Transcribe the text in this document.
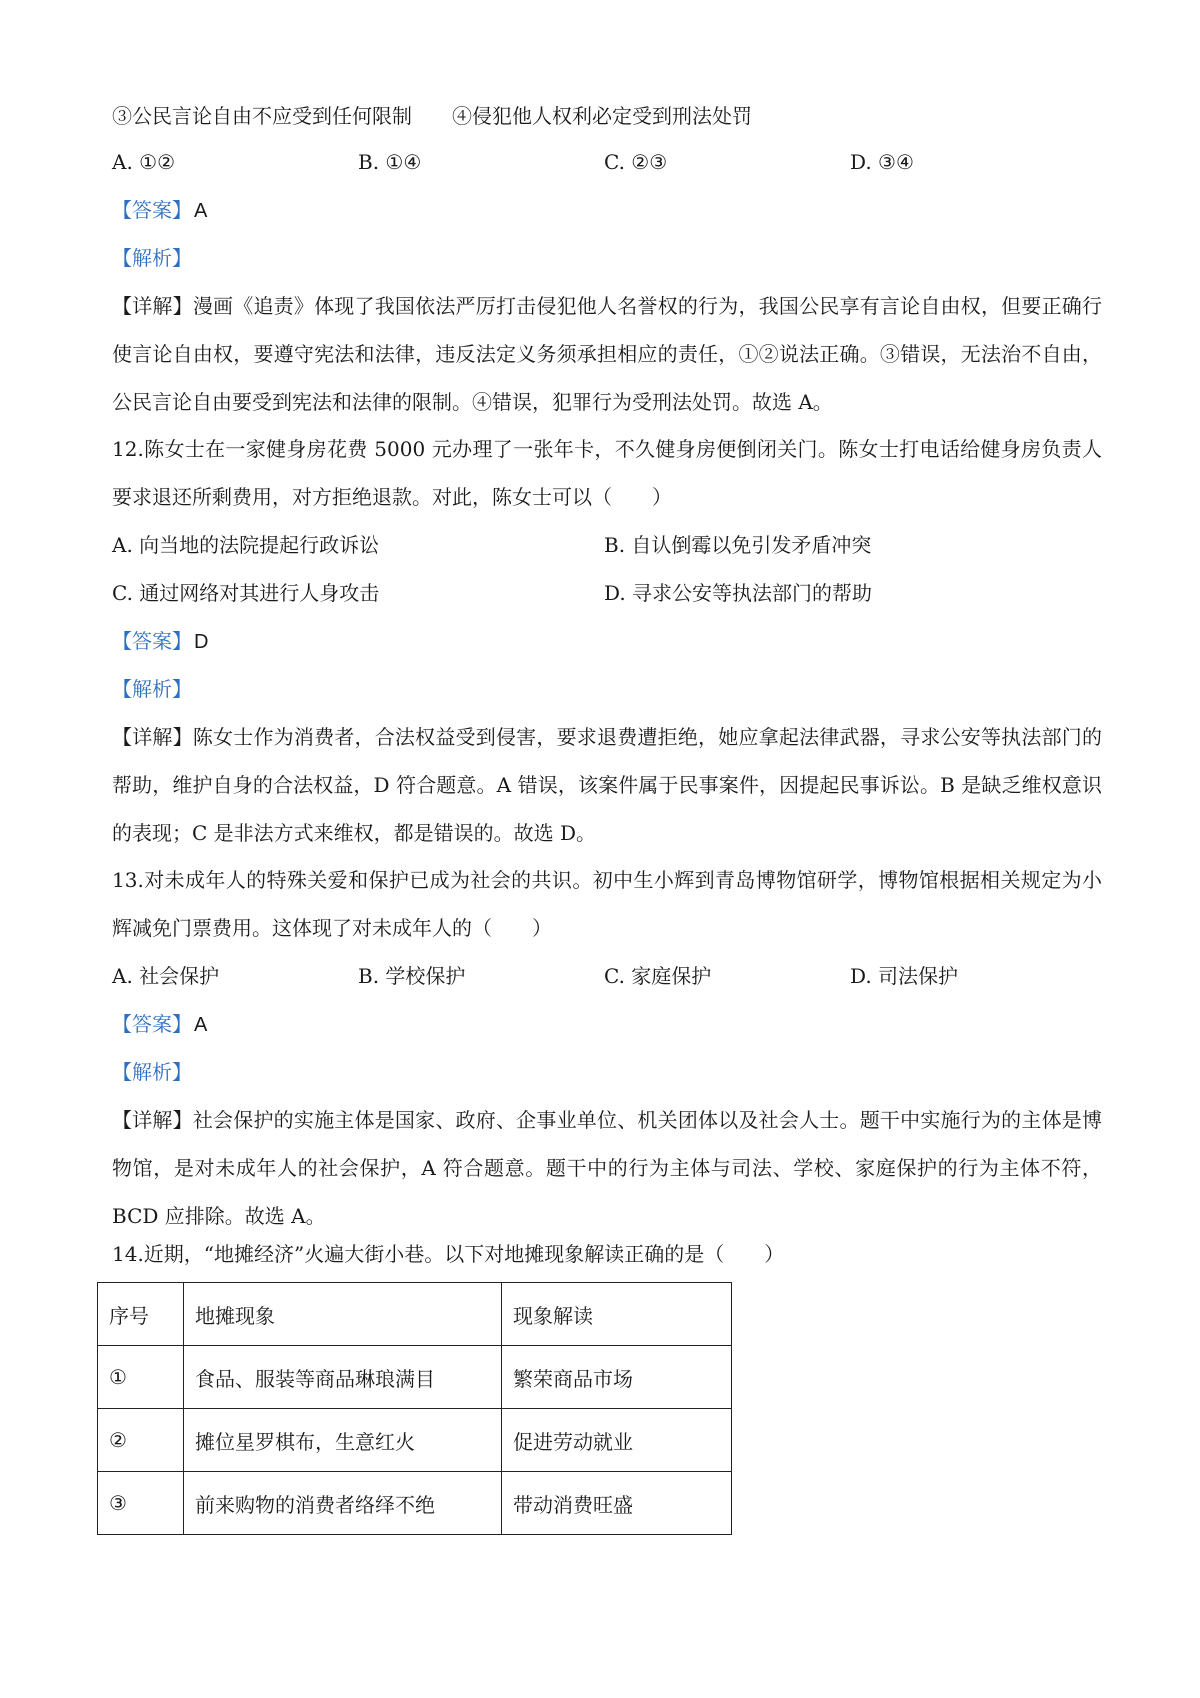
③公民言论自由不应受到任何限制　　④侵犯他人权利必定受到刑法处罚
A. ①②	B. ①④	C. ②③	D. ③④
【答案】 A
【解析】
【详解】漫画《追责》体现了我国依法严厉打击侵犯他人名誉权的行为，我国公民享有言论自由权，但要正确行使言论自由权，要遵守宪法和法律，违反法定义务须承担相应的责任，①②说法正确。③错误，无法治不自由，公民言论自由要受到宪法和法律的限制。④错误，犯罪行为受刑法处罚。故选 A。
12.陈女士在一家健身房花费 5000 元办理了一张年卡，不久健身房便倒闭关门。陈女士打电话给健身房负责人要求退还所剩费用，对方拒绝退款。对此，陈女士可以（　　）
A. 向当地的法院提起行政诉讼	B. 自认倒霉以免引发矛盾冲突
C. 通过网络对其进行人身攻击	D. 寻求公安等执法部门的帮助
【答案】 D
【解析】
【详解】陈女士作为消费者，合法权益受到侵害，要求退费遭拒绝，她应拿起法律武器，寻求公安等执法部门的帮助，维护自身的合法权益，D 符合题意。A 错误，该案件属于民事案件，因提起民事诉讼。B 是缺乏维权意识的表现；C 是非法方式来维权，都是错误的。故选 D。
13.对未成年人的特殊关爱和保护已成为社会的共识。初中生小辉到青岛博物馆研学，博物馆根据相关规定为小辉减免门票费用。这体现了对未成年人的（　　）
A. 社会保护	B. 学校保护	C. 家庭保护	D. 司法保护
【答案】 A
【解析】
【详解】社会保护的实施主体是国家、政府、企事业单位、机关团体以及社会人士。题干中实施行为的主体是博物馆，是对未成年人的社会保护，A 符合题意。题干中的行为主体与司法、学校、家庭保护的行为主体不符，BCD 应排除。故选 A。
14.近期，“地摊经济”火遍大街小巷。以下对地摊现象解读正确的是（　　）
序号	地摊现象	现象解读
①	食品、服装等商品琳琅满目	繁荣商品市场
②	摊位星罗棋布，生意红火	促进劳动就业
③	前来购物的消费者络绎不绝	带动消费旺盛
